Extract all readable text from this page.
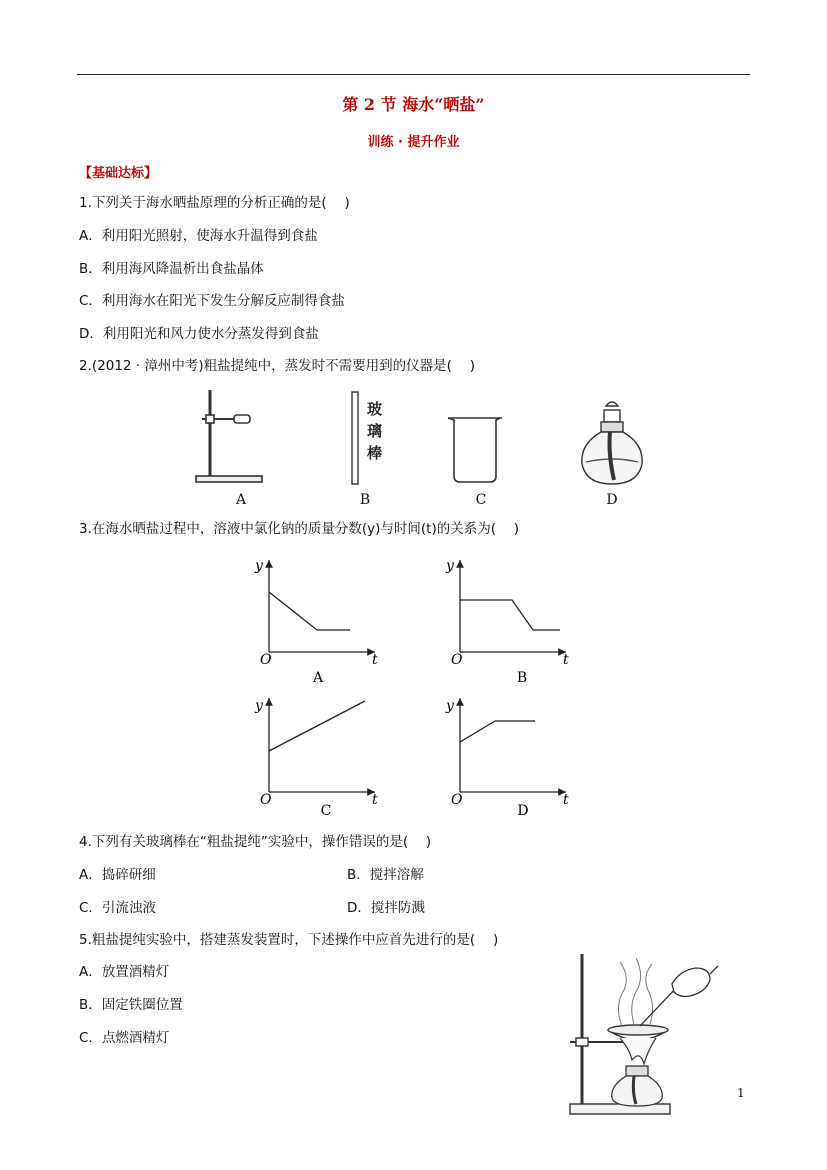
第 2 节 海水“晒盐”
训练 · 提升作业
【基础达标】
1.下列关于海水晒盐原理的分析正确的是(　 )
A．利用阳光照射，使海水升温得到食盐
B．利用海风降温析出食盐晶体
C．利用海水在阳光下发生分解反应制得食盐
D．利用阳光和风力使水分蒸发得到食盐
2.(2012 · 漳州中考)粗盐提纯中，蒸发时不需要用到的仪器是(　 )
玻
璃
棒
A	B	C	D
3.在海水晒盐过程中，溶液中氯化钠的质量分数(y)与时间(t)的关系为(　 )
y
O	t
A
y
O	t
B
y
O	t
C
y
O	t
D
4.下列有关玻璃棒在“粗盐提纯”实验中，操作错误的是(　 )
A．捣碎研细	B．搅拌溶解
C．引流浊液	D．搅拌防溅
5.粗盐提纯实验中，搭建蒸发装置时，下述操作中应首先进行的是(　 )
A．放置酒精灯
B．固定铁圈位置
C．点燃酒精灯
1
